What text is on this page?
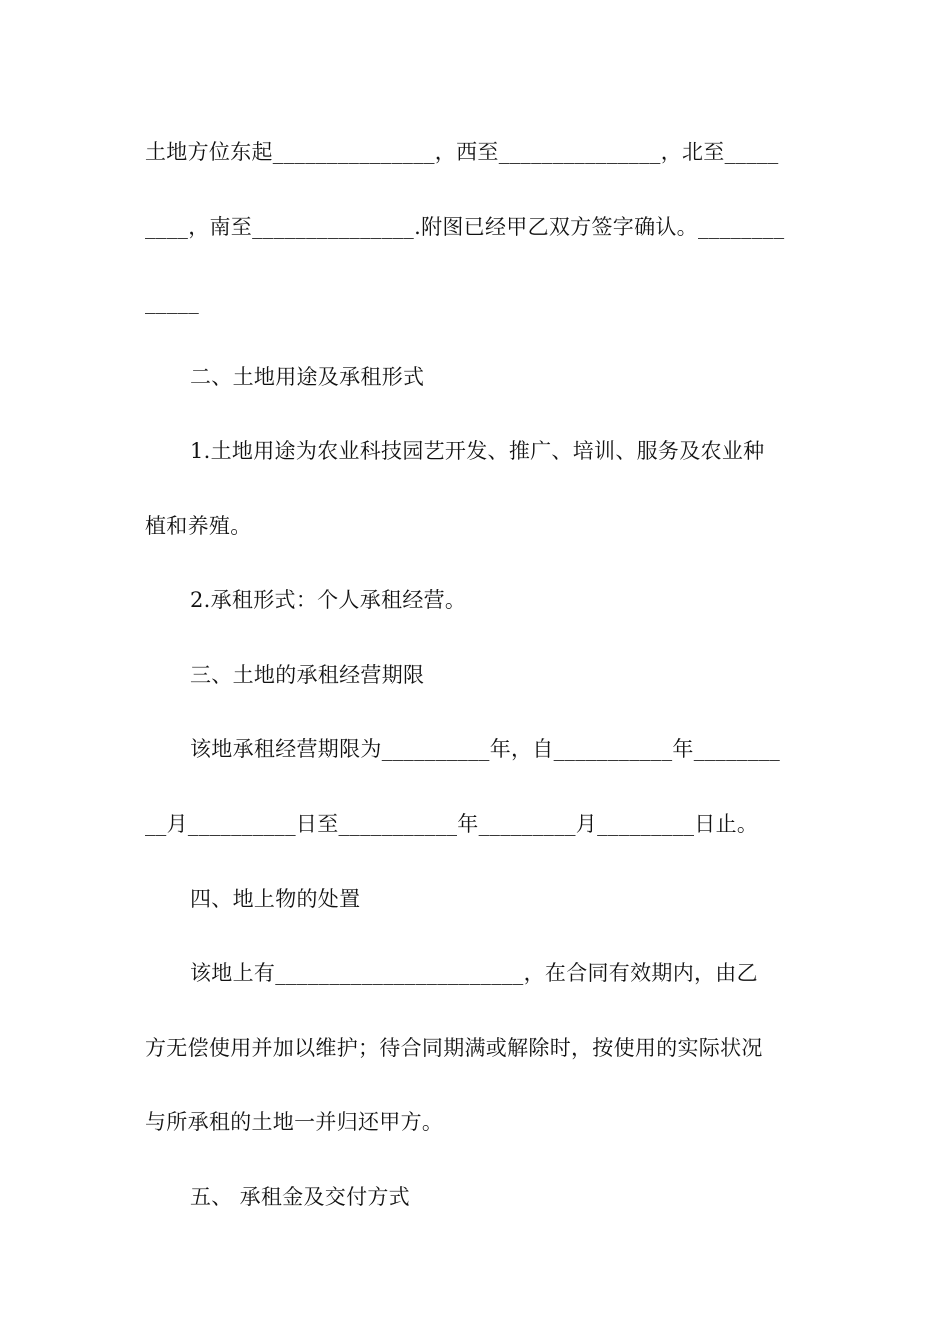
土地方位东起_______________，西至_______________，北至_____
____，南至_______________.附图已经甲乙双方签字确认。________
_____
二、土地用途及承租形式
1.土地用途为农业科技园艺开发、推广、培训、服务及农业种
植和养殖。
2.承租形式：个人承租经营。
三、土地的承租经营期限
该地承租经营期限为__________年，自___________年________
__月__________日至___________年_________月_________日止。
四、地上物的处置
该地上有_______________________，在合同有效期内，由乙
方无偿使用并加以维护；待合同期满或解除时，按使用的实际状况
与所承租的土地一并归还甲方。
五、 承租金及交付方式
